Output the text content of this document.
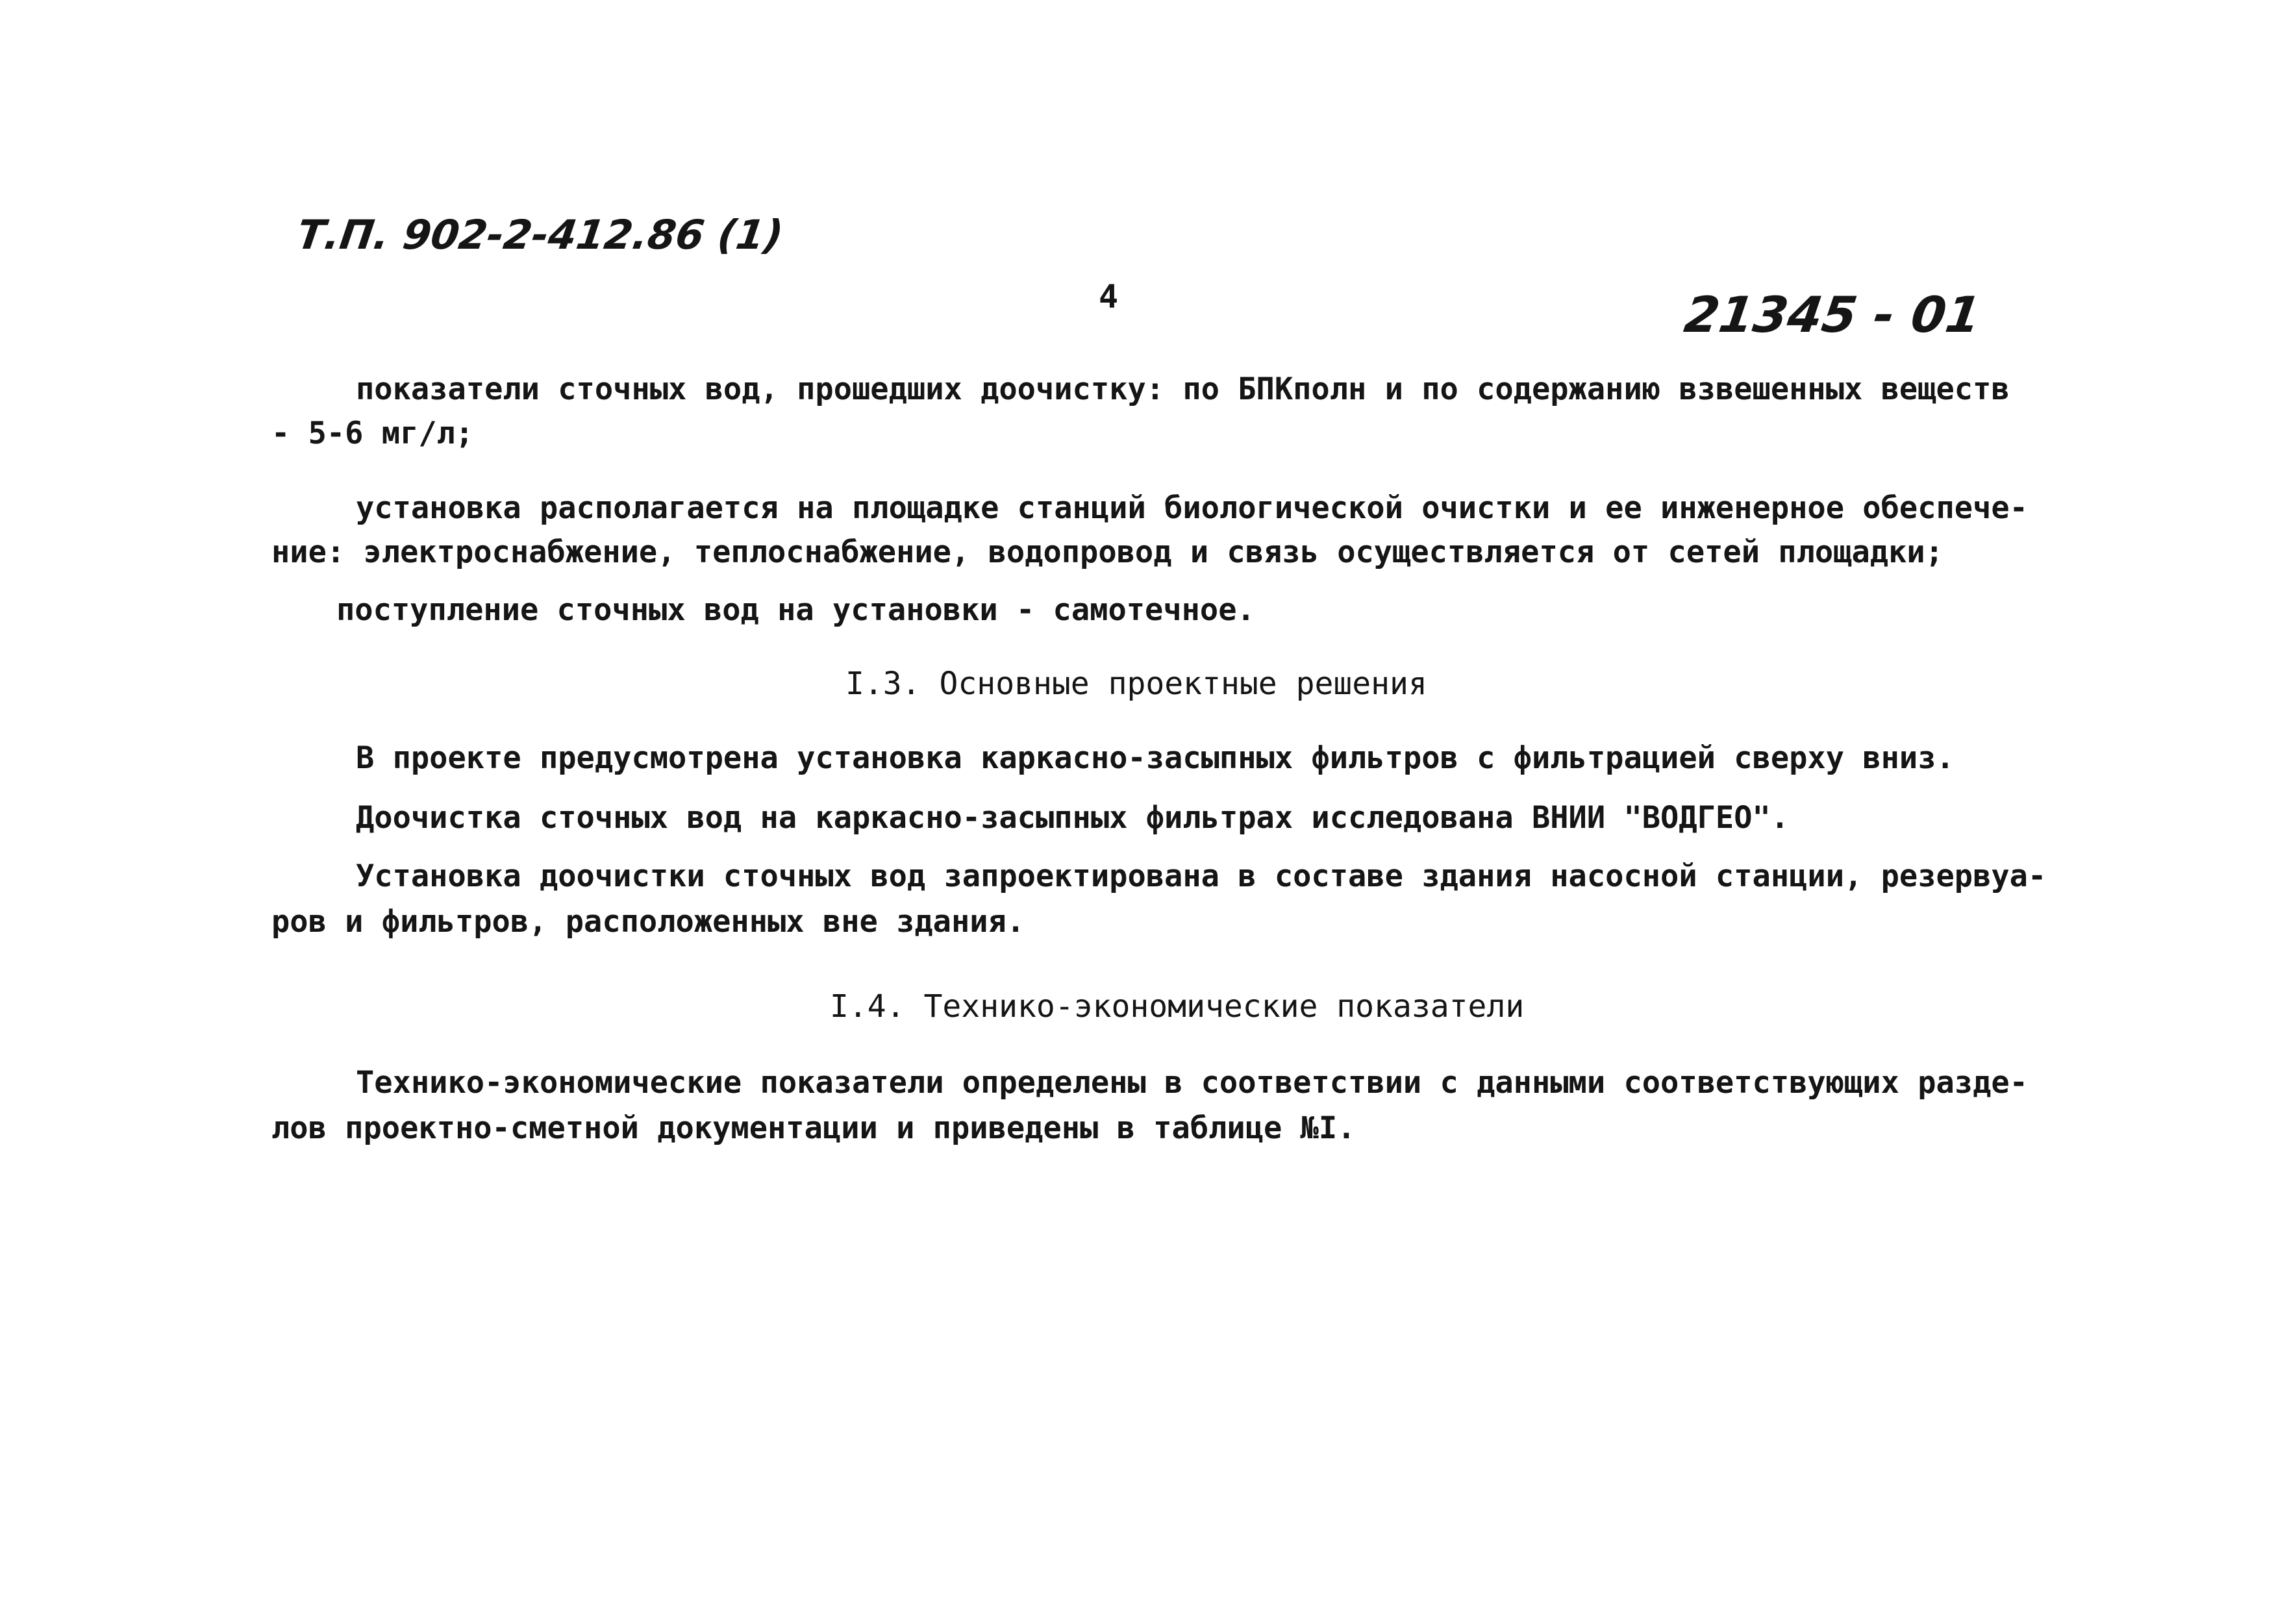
Т.П. 902-2-412.86 (1)
4	21345 - 01
показатели сточных вод, прошедших доочистку: по БПКполн и по содержанию взвешенных веществ
- 5-6 мг/л;
установка располагается на площадке станций биологической очистки и ее инженерное обеспече-
ние: электроснабжение, теплоснабжение, водопровод и связь осуществляется от сетей площадки;
поступление сточных вод на установки - самотечное.
I.3. Основные проектные решения
В проекте предусмотрена установка каркасно-засыпных фильтров с фильтрацией сверху вниз.
Доочистка сточных вод на каркасно-засыпных фильтрах исследована ВНИИ "ВОДГЕО".
Установка доочистки сточных вод запроектирована в составе здания насосной станции, резервуа-
ров и фильтров, расположенных вне здания.
I.4. Технико-экономические показатели
Технико-экономические показатели определены в соответствии с данными соответствующих разде-
лов проектно-сметной документации и приведены в таблице №I.
